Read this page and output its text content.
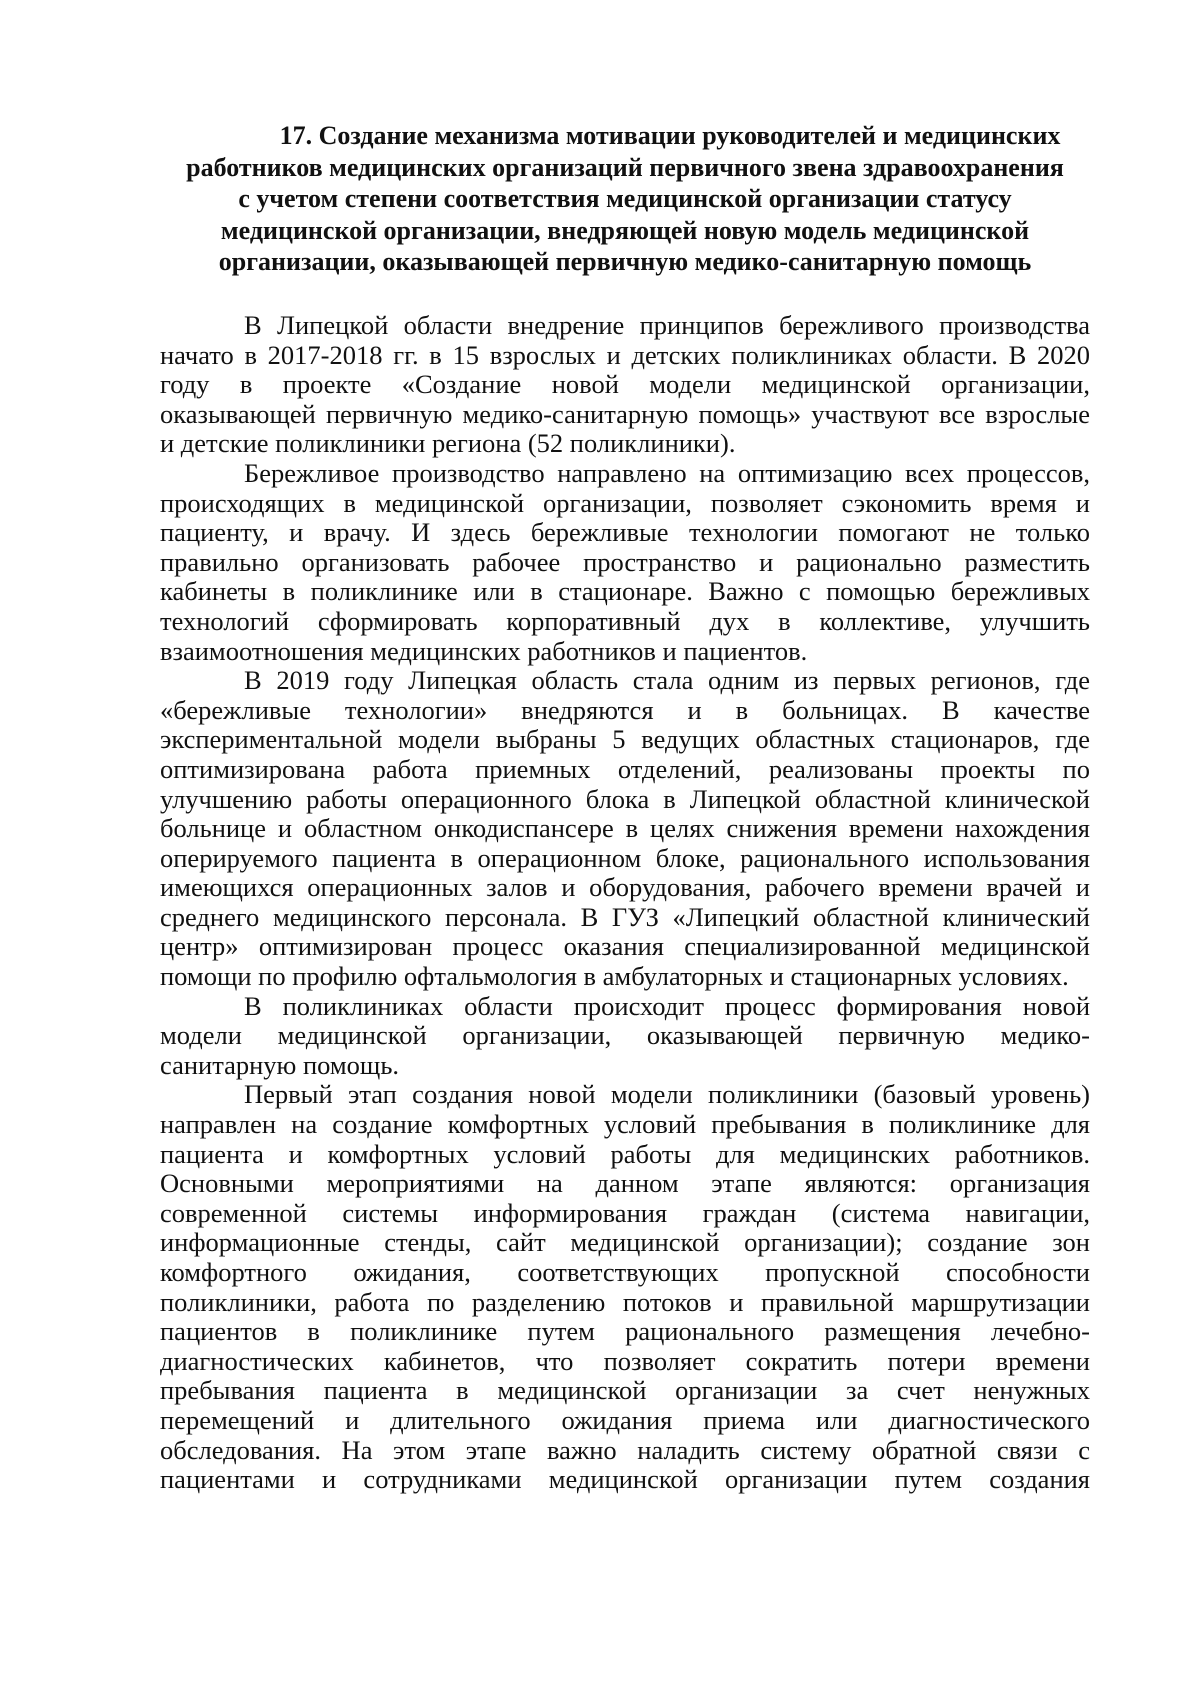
17. Создание механизма мотивации руководителей и медицинских
работников медицинских организаций первичного звена здравоохранения
с учетом степени соответствия медицинской организации статусу
медицинской организации, внедряющей новую модель медицинской
организации, оказывающей первичную медико-санитарную помощь

В Липецкой области внедрение принципов бережливого производства
начато в 2017-2018 гг. в 15 взрослых и детских поликлиниках области. В 2020
году в проекте «Создание новой модели медицинской организации,
оказывающей первичную медико-санитарную помощь» участвуют все взрослые
и детские поликлиники региона (52 поликлиники).

Бережливое производство направлено на оптимизацию всех процессов,
происходящих в медицинской организации, позволяет сэкономить время и
пациенту, и врачу. И здесь бережливые технологии помогают не только
правильно организовать рабочее пространство и рационально разместить
кабинеты в поликлинике или в стационаре. Важно с помощью бережливых
технологий сформировать корпоративный дух в коллективе, улучшить
взаимоотношения медицинских работников и пациентов.

В 2019 году Липецкая область стала одним из первых регионов, где
«бережливые технологии» внедряются и в больницах. В качестве
экспериментальной модели выбраны 5 ведущих областных стационаров, где
оптимизирована работа приемных отделений, реализованы проекты по
улучшению работы операционного блока в Липецкой областной клинической
больнице и областном онкодиспансере в целях снижения времени нахождения
оперируемого пациента в операционном блоке, рационального использования
имеющихся операционных залов и оборудования, рабочего времени врачей и
среднего медицинского персонала. В ГУЗ «Липецкий областной клинический
центр» оптимизирован процесс оказания специализированной медицинской
помощи по профилю офтальмология в амбулаторных и стационарных условиях.

В поликлиниках области происходит процесс формирования новой
модели медицинской организации, оказывающей первичную медико-
санитарную помощь.

Первый этап создания новой модели поликлиники (базовый уровень)
направлен на создание комфортных условий пребывания в поликлинике для
пациента и комфортных условий работы для медицинских работников.
Основными мероприятиями на данном этапе являются: организация
современной системы информирования граждан (система навигации,
информационные стенды, сайт медицинской организации); создание зон
комфортного ожидания, соответствующих пропускной способности
поликлиники, работа по разделению потоков и правильной маршрутизации
пациентов в поликлинике путем рационального размещения лечебно-
диагностических кабинетов, что позволяет сократить потери времени
пребывания пациента в медицинской организации за счет ненужных
перемещений и длительного ожидания приема или диагностического
обследования. На этом этапе важно наладить систему обратной связи с
пациентами и сотрудниками медицинской организации путем создания
